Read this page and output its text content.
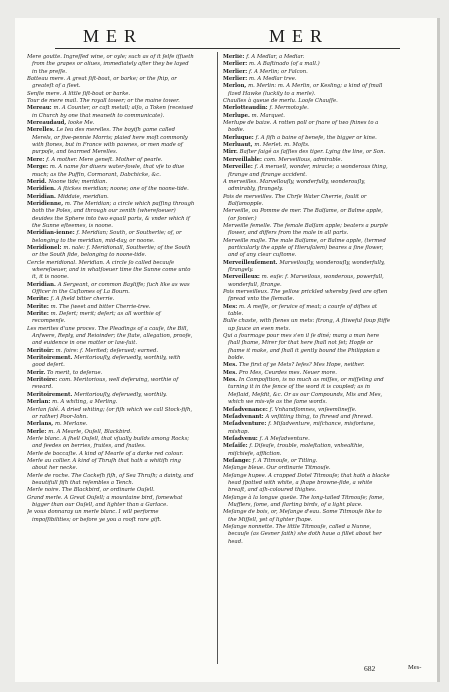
MER	MER

Mere goutte. Ingreſſed wine, or oyle; such as of it ſelfe iſſueth from the grapes or oliues, immediately after they be layed in the preſſe.

Batteau mere. A great ſiſt-boat, or barke; or the ſhip, or greateſt of a fleet.

Senſie mere. A little ſiſt-boat or barke.

Tour de mere mail. The royall tower; or the maine tower.

Mereau: m. A Counter, or caſt metall; alſo, a Token (receiued in Church by one that meaneth to communicate).

Mereaudaud, looke Me.

Merelles. Le Ieu des merelles. The boyiſh game called Merels, or five-pennie Morris; plaied here moſt commonly with ſtones, but in France with pawnes, or men made of purpoſe, and tearmed Merelles.

Mere: f. A mother. Mere geneſt. Mother of pearle.

Merge: m. A name for diuers water-fowle, that vſe to diue much; as the Puffin, Cormorant, Dabchicke, &c.

Merid. Noone tide; meridian.

Meridien. A ſtickes meridian; noone; one of the noone-tide.

Meridian. Middaie, meridian.

Meridienne, m. The Meridian; a circle which paſſing through both the Poles, and through our zenith (whereſoeuer) deuides the Sphere into two equall parts, & vnder which if the Sunne eſteemes, is noone.

Meridian-ienne: f. Meridian; South, or Southerlie; of, or belonging to the meridian, mid-day, or noone.

Meridionel: m. nale: f. Meridionall, Southerlie; of the South or the South ſide, belonging to noone-tide.

Cercle meridional. Meridian. A circle ſo called becauſe whereſoeuer, and in whatſoeuer time the Sunne come unto it, it is noone.

Meridian. A Sergeant, or common Bayliffe; ſuch like as was Officer in the Cuſtomes of La Bourn.

Merite: f. A ſheld bitter cherrie.

Merite: m. The ſweet and bitter Cherrie-tree.

Merite: m. Deſert; merit; deſert; as all worthie of recompenſe.

Les merites d'une proces. The Pleadings of a cauſe, the Bill, Anſwere, Reply, and Reioinder; the ſtate, allegation, proofe, and euidence in one matter or law-ſuit.

Meritoir: m. ſoire: f. Merited; deſerued; earned.

Meritoirement. Meritoriouſly, deſeruedly, worthily, with good deſert.

Merir. To merit, to deſerue.

Meritoire: com. Meritorious, well deſeruing, worthie of reward.

Meritoirement. Meritoriouſly, deſeruedly, worthily.

Merlan: m. A whiting, a Merling.

Merlan ſalé. A dried whiting; (or fiſh which we call Stock-fiſh, or rather) Poor-Iohn.

Merlans, m. Merlane.

Merle: m. A Mearle, Ouſell, Blackbird.

Merle blanc. A ſhell Ouſell, that vſually builds among Rocks; and feedes on berries, fruites, and ſnailes.

Merle de boccaſte. A kind of Mearle of a darke red colour.

Merle au collier. A kind of Thruſh that hath a whitiſh ring about her necke.

Merle de roche. The Cockeſh fiſh, of Sea Thruſh; a dainty, and beautifull fiſh that reſembles a Tench.

Merle noire. The Blackbird, or ordinarie Ouſell.

Grand merle. A Great Ouſell; a mountaine bird, ſomewhat bigger than our Ouſell, and lighter than a Garlace.

Je vous donnaray un merle blanc. I will performe impoſſibilities; or before ye you a rooſt rare gift.

Merlié: f. A Medlar, a Mediar.

Merlier: m. A Baſtinado (of a mall.)

Merlier: f. A Merlin; or Falcon.

Merlier: m. A Medlar tree.

Merlon, m. Merlin: m. A Merlin, or Kesling; a kind of ſmall ſized Hawke (luckily to a merle).

Chaulles à queue de merlu. Looſe Chauſſe.

Merlotteaudin: f. Mermotoyle.

Merlupe. m. Marquet.

Merlupe de baize. A rotten poll or ſnare of two ſhines to a bodie.

Merluque: f. A ſiſh a baine of benefe, the bigger or kine.

Merluaut, m. Merlet. m. Moſts.

Mirr. Baſter ſaigé as ſaſſies des tiger. Lying the line, or Son.

Merveillable: com. Merveillous, admirable.

Merveille: f. A meruell, wonder, miracle; a wonderous thing, ſtrange and ſtrange accident.

A merveilles. Marvellouſly, wonderfully, wonderouſly, admirably, ſtrangely.

Pois de merveilles. The Chrſe Water Cherrie, ſoulit or Balſamopple.

Merveille, ou Pomme de mer. The Balſame, or Balme apple, (or ſonier.)

Merveille femelle. The female Balſam apple; beaters a purple flower, and differs from the male in all parts.

Merveille maſle. The male Balſame, or Balme apple, (termed particularly the apple of Hieruſalem) beares a ſine flower, and of any clear cuſtome.

Merveilleuſement. Marveilouſly, wonderouſly, wonderfully, ſtrangely.

Merveilleux: m. euſe: f. Marveilous, wonderous, powerfull, wonderfull, ſtrange.

Pois merveilleux. The yellow prickled whereby ſeed are often ſpread vnto the ſlemaile.

Mes: m. A meſſe, or ſeruice of meat; a courſe of diſhes at table.

Bulle chaste, with ſtenes un mets: ſtrong, A ſtiweful ſoup ſtiffe up ſauce an even mets.

Qui a fourmage pour mes s'en il ſe diné; many a man here ſhall ſhame, Mirer for that here ſhall not ſet; Hopſe or ſhame it make, and ſhall it gently bound the Philippian a bolde.

Mes. The first of ye Mets? Iefes? Mes Hope, neither.

Mes. Pro Mes, Ceurdes mes. Neuer more.

Mes. In Compoſition, is no much as miſſes, or miſſeling and turning it in the ſence of the word it is coupled; as in Meſlaid, Meſdit, &c. Or as our Compounds, Mis and Mes, which we mis-vſe as the ſame words.

Meſadvenance: f. Vnhandſomnes, vnſeemlineſſe.

Meſadvenant: A vnſitting thing, to ſhrewd and ſhrewd.

Meſadventure: f. Miſadventure, miſchance, misfortune, mishap.

Meſadvenu: f. A Meſadventure.

Meſaiſe: f. Diſeaſe, trouble, moleſtation, vnhealthie, miſchiefe, affliction.

Meſange: f. A Titmouſe, or Titling.

Meſange bleue. Our ordinarie Titmouſe.

Meſange hupee. A crapped Dotel Titmouſe; that hath a blacke head ſpotted with white, a ſhape browne-ſide, a white breaſt, and aſh-coloured thighes.

Meſange à la longue queüe. The long-tailed Titmouſe; ſome, Mufflers, ſome, and ſlarting birds, of a light place.

Meſange de bois, or, Meſange d'eau. Some Titmouſe like to the Miſſell, yet of lighter ſhape.

Meſange nonnette. The little Titmouſe, called a Nunne, becauſe (as Gesner ſaith) she doth haue a fillet about her head.

682	Mes-
